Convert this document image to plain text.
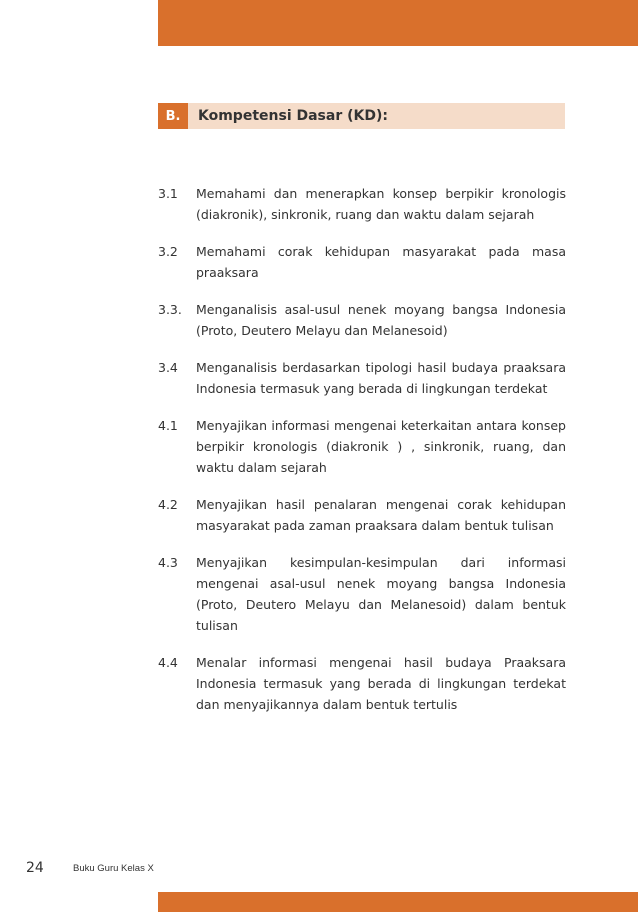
B.	Kompetensi Dasar (KD):
3.1	Memahami dan menerapkan konsep berpikir kronologis (diakronik), sinkronik, ruang dan waktu dalam sejarah
3.2	Memahami corak kehidupan masyarakat pada masa praaksara
3.3.	Menganalisis asal-usul nenek moyang bangsa Indonesia (Proto, Deutero Melayu dan Melanesoid)
3.4	Menganalisis berdasarkan tipologi hasil budaya praaksara Indonesia termasuk yang berada di lingkungan terdekat
4.1	Menyajikan informasi mengenai keterkaitan antara konsep berpikir kronologis (diakronik ) , sinkronik, ruang, dan waktu dalam sejarah
4.2	Menyajikan hasil penalaran mengenai corak kehidupan masyarakat pada zaman praaksara dalam bentuk tulisan
4.3	Menyajikan kesimpulan-kesimpulan dari informasi mengenai asal-usul nenek moyang bangsa Indonesia (Proto, Deutero Melayu dan Melanesoid) dalam bentuk tulisan
4.4	Menalar informasi mengenai hasil budaya Praaksara Indonesia termasuk yang berada di lingkungan terdekat dan menyajikannya dalam bentuk tertulis
24	Buku Guru Kelas X
